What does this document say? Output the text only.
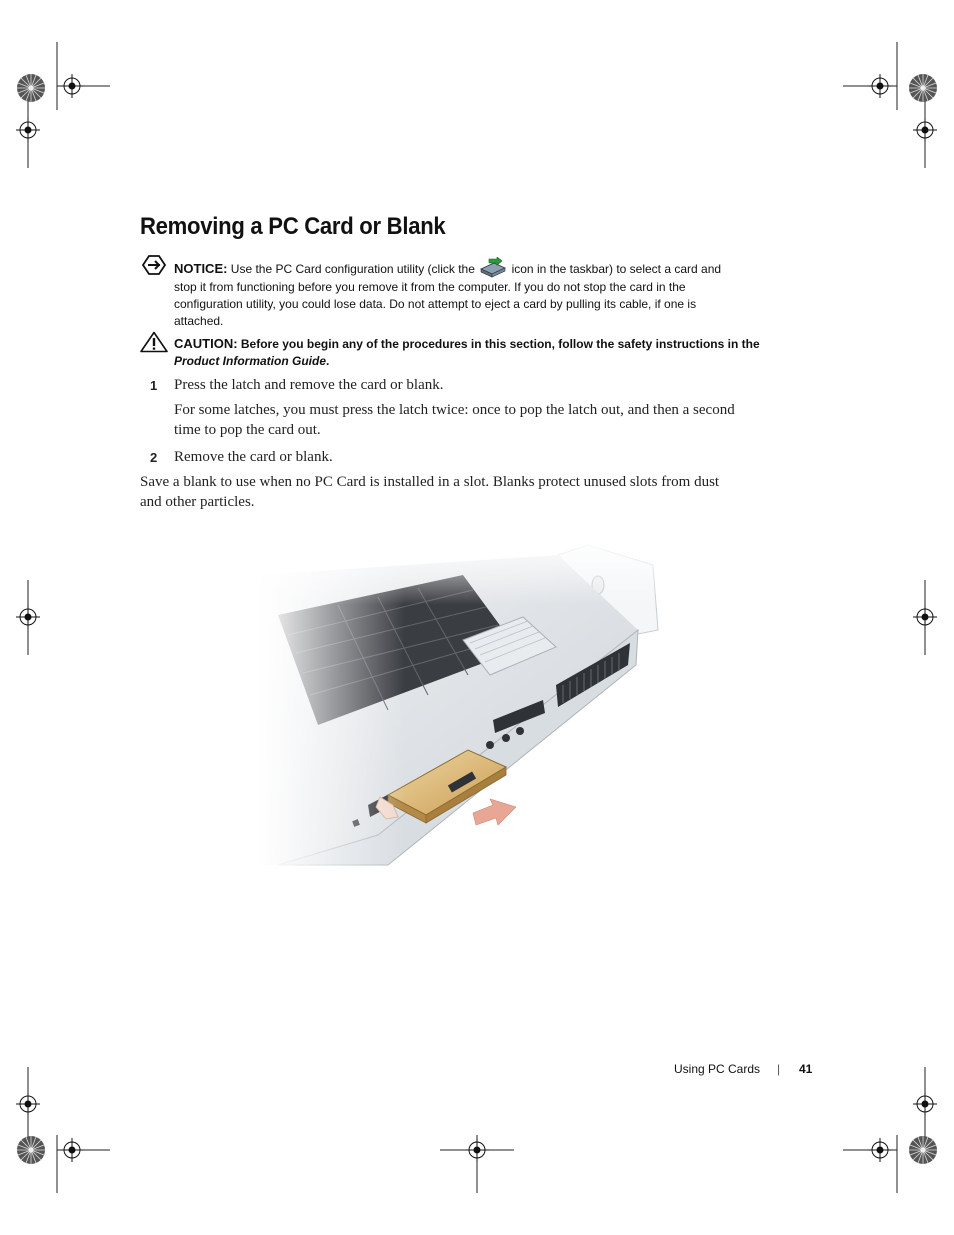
Removing a PC Card or Blank
NOTICE: Use the PC Card configuration utility (click the	icon in the taskbar) to select a card and
stop it from functioning before you remove it from the computer. If you do not stop the card in the
configuration utility, you could lose data. Do not attempt to eject a card by pulling its cable, if one is
attached.
CAUTION: Before you begin any of the procedures in this section, follow the safety instructions in the
Product Information Guide.
1 Press the latch and remove the card or blank.
For some latches, you must press the latch twice: once to pop the latch out, and then a second
time to pop the card out.
2 Remove the card or blank.
Save a blank to use when no PC Card is installed in a slot. Blanks protect unused slots from dust
and other particles.
Using PC Cards | 41
